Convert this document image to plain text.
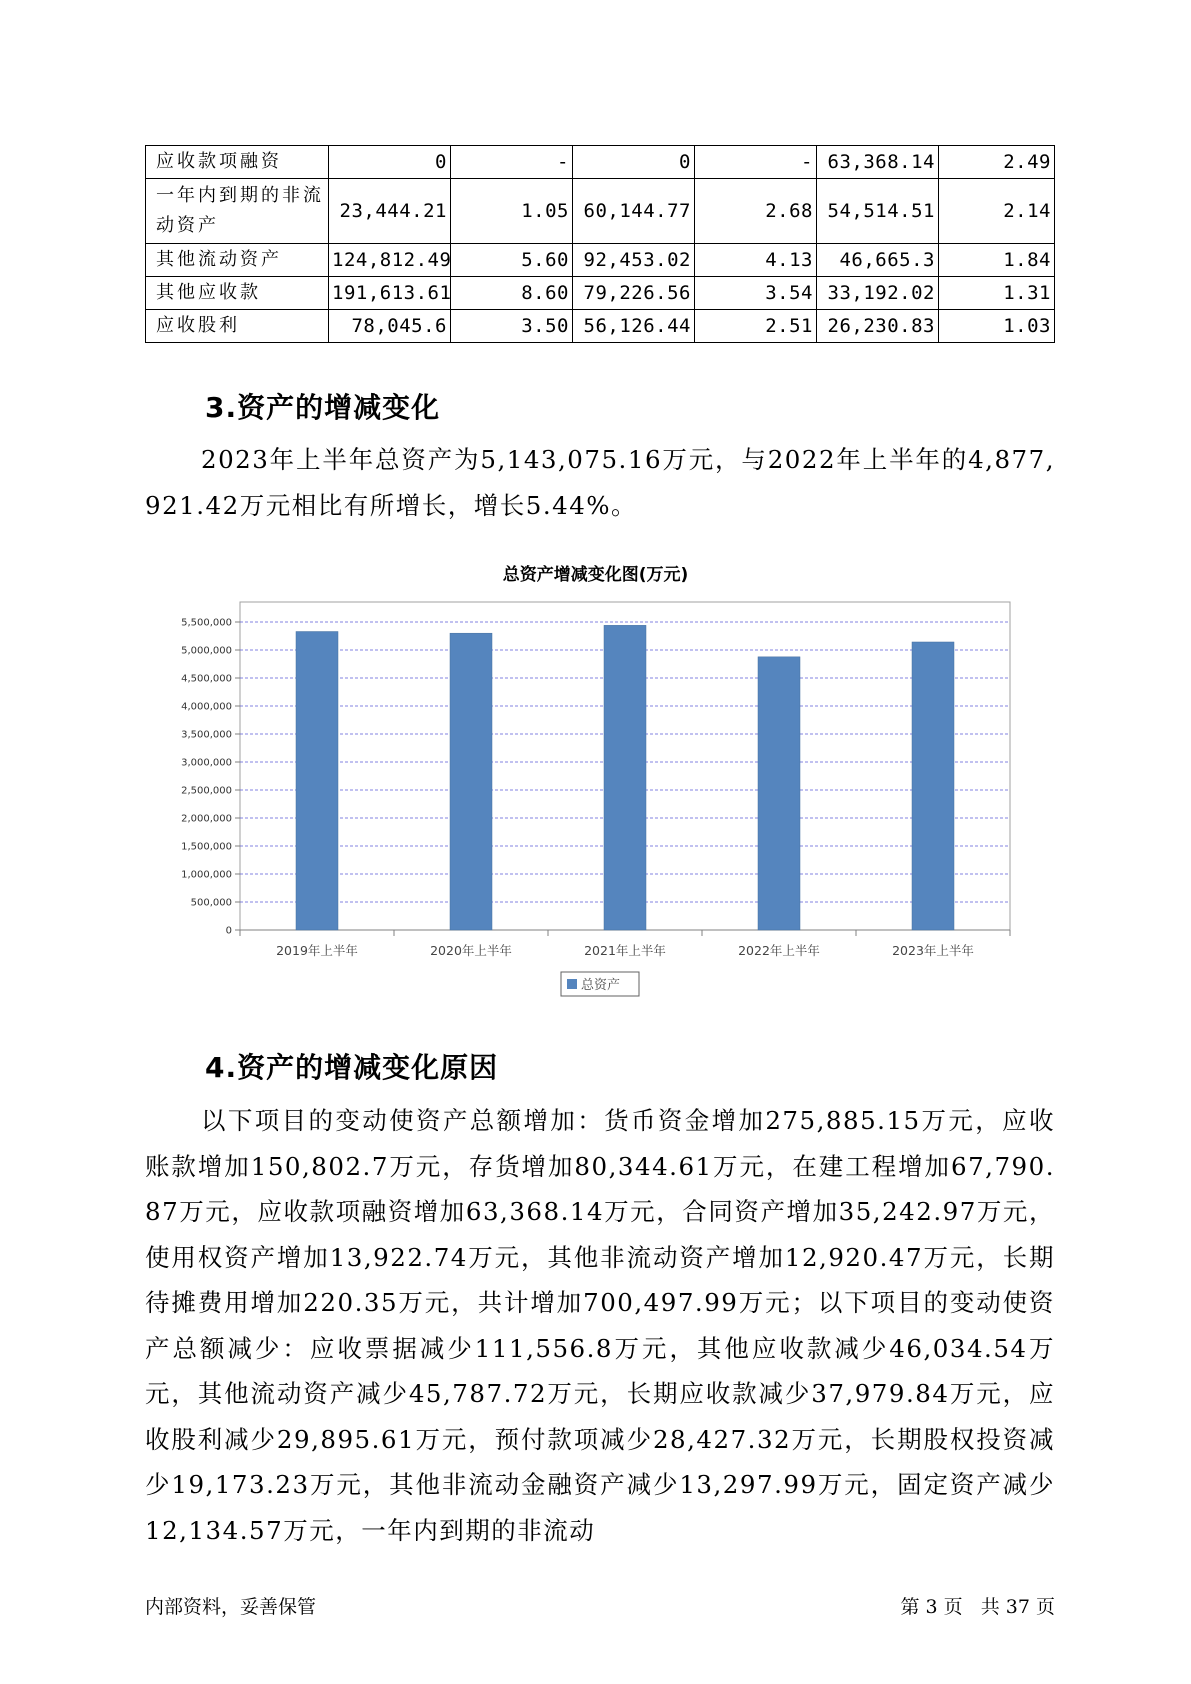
应收款项融资	0	-	0	-	63,368.14	2.49
一年内到期的非流动资产	23,444.21	1.05	60,144.77	2.68	54,514.51	2.14
其他流动资产	124,812.49	5.60	92,453.02	4.13	46,665.3	1.84
其他应收款	191,613.61	8.60	79,226.56	3.54	33,192.02	1.31
应收股利	78,045.6	3.50	56,126.44	2.51	26,230.83	1.03
3.资产的增减变化

2023年上半年总资产为5,143,075.16万元，与2022年上半年的4,877,921.42万元相比有所增长，增长5.44%。

总资产增减变化图(万元)
0
500,000
1,000,000
1,500,000
2,000,000
2,500,000
3,000,000
3,500,000
4,000,000
4,500,000
5,000,000
5,500,000
2019年上半年	2020年上半年	2021年上半年	2022年上半年	2023年上半年
总资产
4.资产的增减变化原因

以下项目的变动使资产总额增加：货币资金增加275,885.15万元，应收账款增加150,802.7万元，存货增加80,344.61万元，在建工程增加67,790.87万元，应收款项融资增加63,368.14万元，合同资产增加35,242.97万元，使用权资产增加13,922.74万元，其他非流动资产增加12,920.47万元，长期待摊费用增加220.35万元，共计增加700,497.99万元；以下项目的变动使资产总额减少：应收票据减少111,556.8万元，其他应收款减少46,034.54万元，其他流动资产减少45,787.72万元，长期应收款减少37,979.84万元，应收股利减少29,895.61万元，预付款项减少28,427.32万元，长期股权投资减少19,173.23万元，其他非流动金融资产减少13,297.99万元，固定资产减少12,134.57万元，一年内到期的非流动

内部资料，妥善保管	第 3 页   共 37 页
